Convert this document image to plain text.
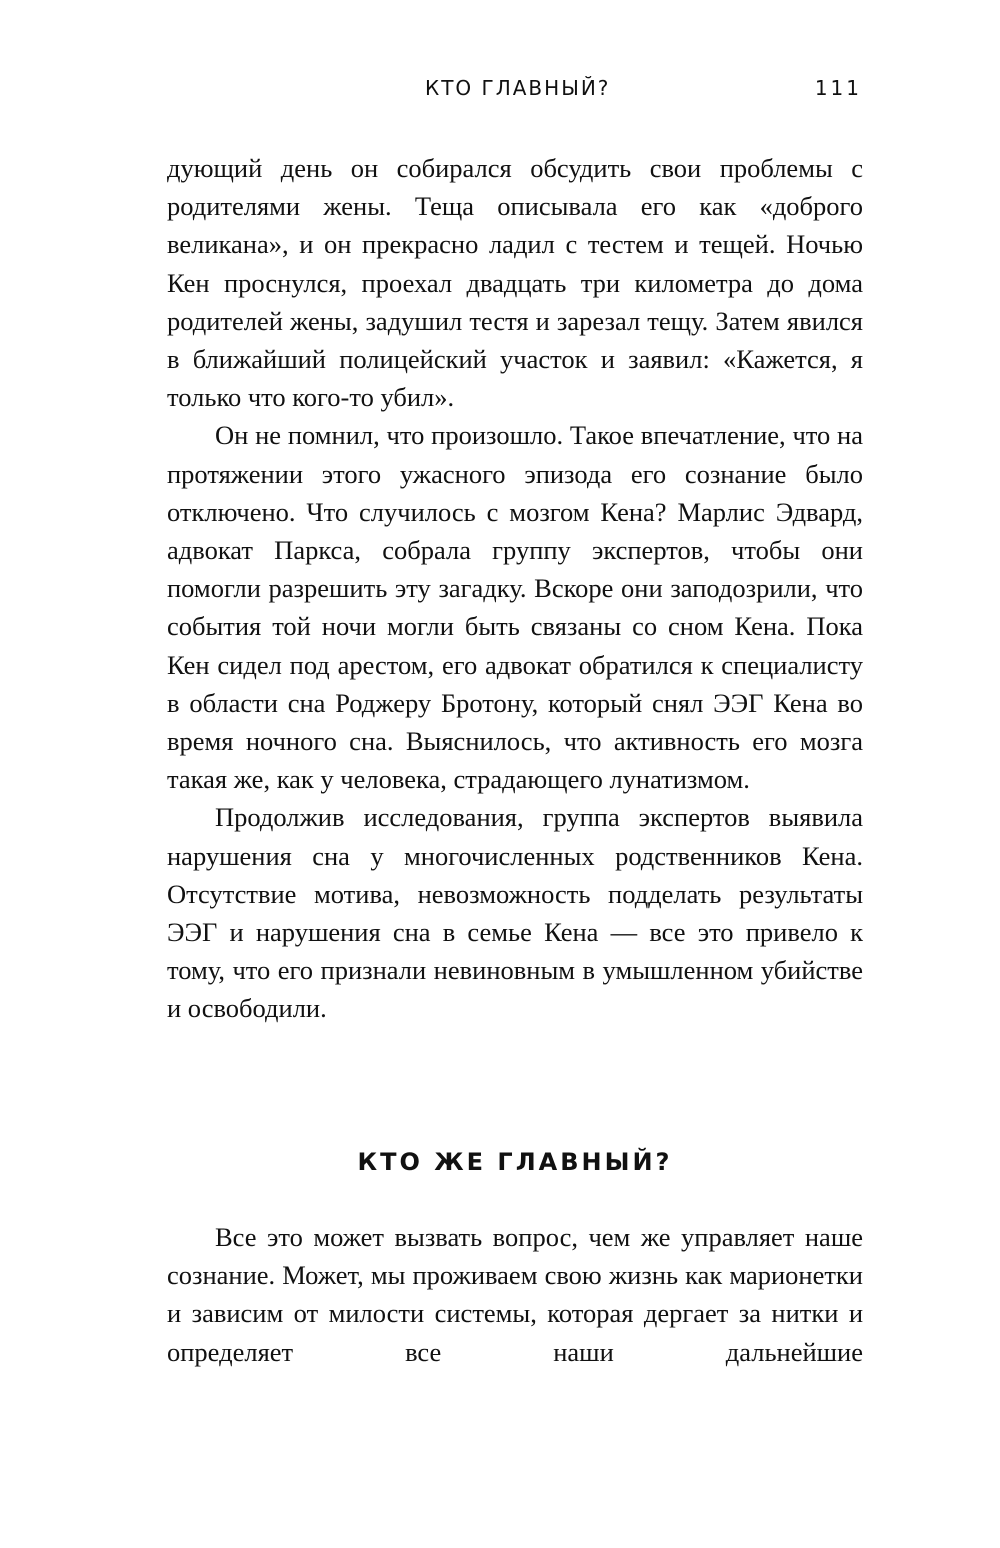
КТО ГЛАВНЫЙ?	111

дующий день он собирался обсудить свои проблемы с родителями жены. Теща описывала его как «доброго великана», и он прекрасно ладил с тестем и тещей. Ночью Кен проснулся, проехал двадцать три километра до дома родителей жены, задушил тестя и зарезал тещу. Затем явился в ближайший полицейский участок и заявил: «Кажется, я только что кого-то убил».

Он не помнил, что произошло. Такое впечатление, что на протяжении этого ужасного эпизода его сознание было отключено. Что случилось с мозгом Кена? Марлис Эдвард, адвокат Паркса, собрала группу экспертов, чтобы они помогли разрешить эту загадку. Вскоре они заподозрили, что события той ночи могли быть связаны со сном Кена. Пока Кен сидел под арестом, его адвокат обратился к специалисту в области сна Роджеру Бротону, который снял ЭЭГ Кена во время ночного сна. Выяснилось, что активность его мозга такая же, как у человека, страдающего лунатизмом.

Продолжив исследования, группа экспертов выявила нарушения сна у многочисленных родственников Кена. Отсутствие мотива, невозможность подделать результаты ЭЭГ и нарушения сна в семье Кена — все это привело к тому, что его признали невиновным в умышленном убийстве и освободили.

КТО ЖЕ ГЛАВНЫЙ?

Все это может вызвать вопрос, чем же управляет наше сознание. Может, мы проживаем свою жизнь как марионетки и зависим от милости системы, которая дергает за нитки и определяет все наши дальнейшие
